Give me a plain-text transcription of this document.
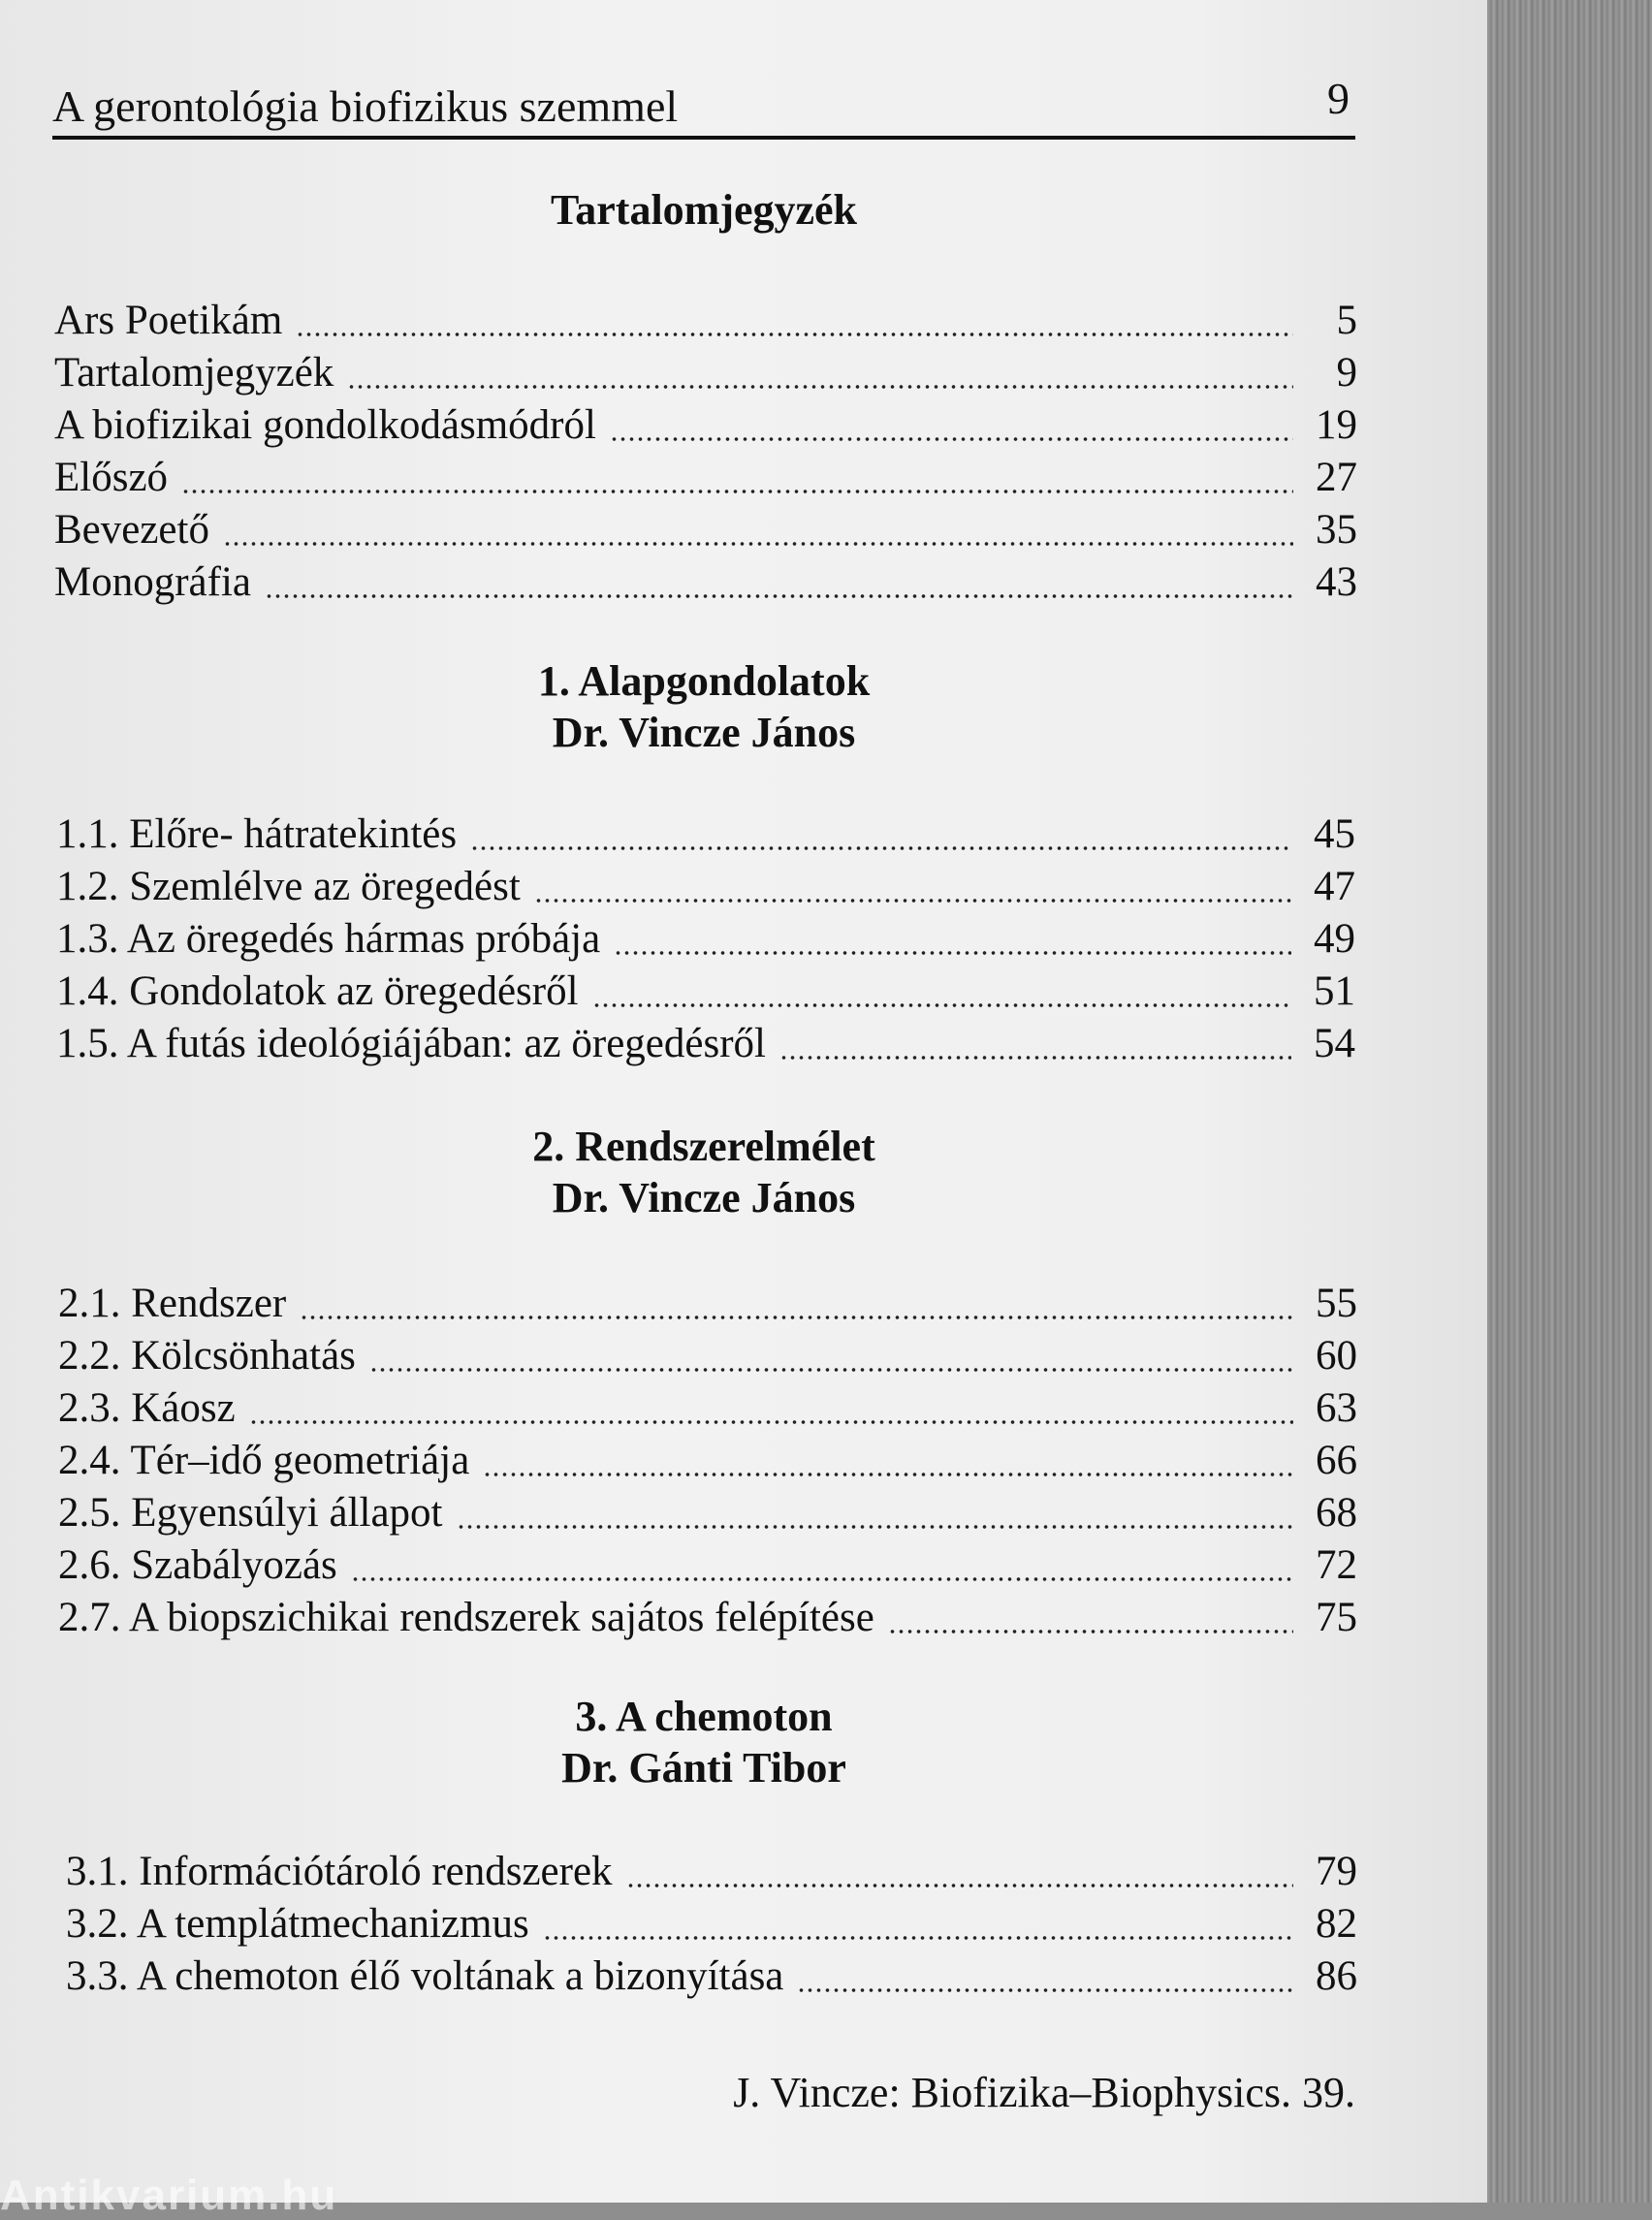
A gerontológia biofizikus szemmel	9
Tartalomjegyzék
Ars Poetikám	5
Tartalomjegyzék	9
A biofizikai gondolkodásmódról	19
Előszó	27
Bevezető	35
Monográfia	43
1. Alapgondolatok
Dr. Vincze János
1.1. Előre- hátratekintés	45
1.2. Szemlélve az öregedést	47
1.3. Az öregedés hármas próbája	49
1.4. Gondolatok az öregedésről	51
1.5. A futás ideológiájában: az öregedésről	54
2. Rendszerelmélet
Dr. Vincze János
2.1. Rendszer	55
2.2. Kölcsönhatás	60
2.3. Káosz	63
2.4. Tér–idő geometriája	66
2.5. Egyensúlyi állapot	68
2.6. Szabályozás	72
2.7. A biopszichikai rendszerek sajátos felépítése	75
3. A chemoton
Dr. Gánti Tibor
3.1. Információtároló rendszerek	79
3.2. A templátmechanizmus	82
3.3. A chemoton élő voltának a bizonyítása	86
J. Vincze: Biofizika–Biophysics. 39.
Antikvarium.hu
